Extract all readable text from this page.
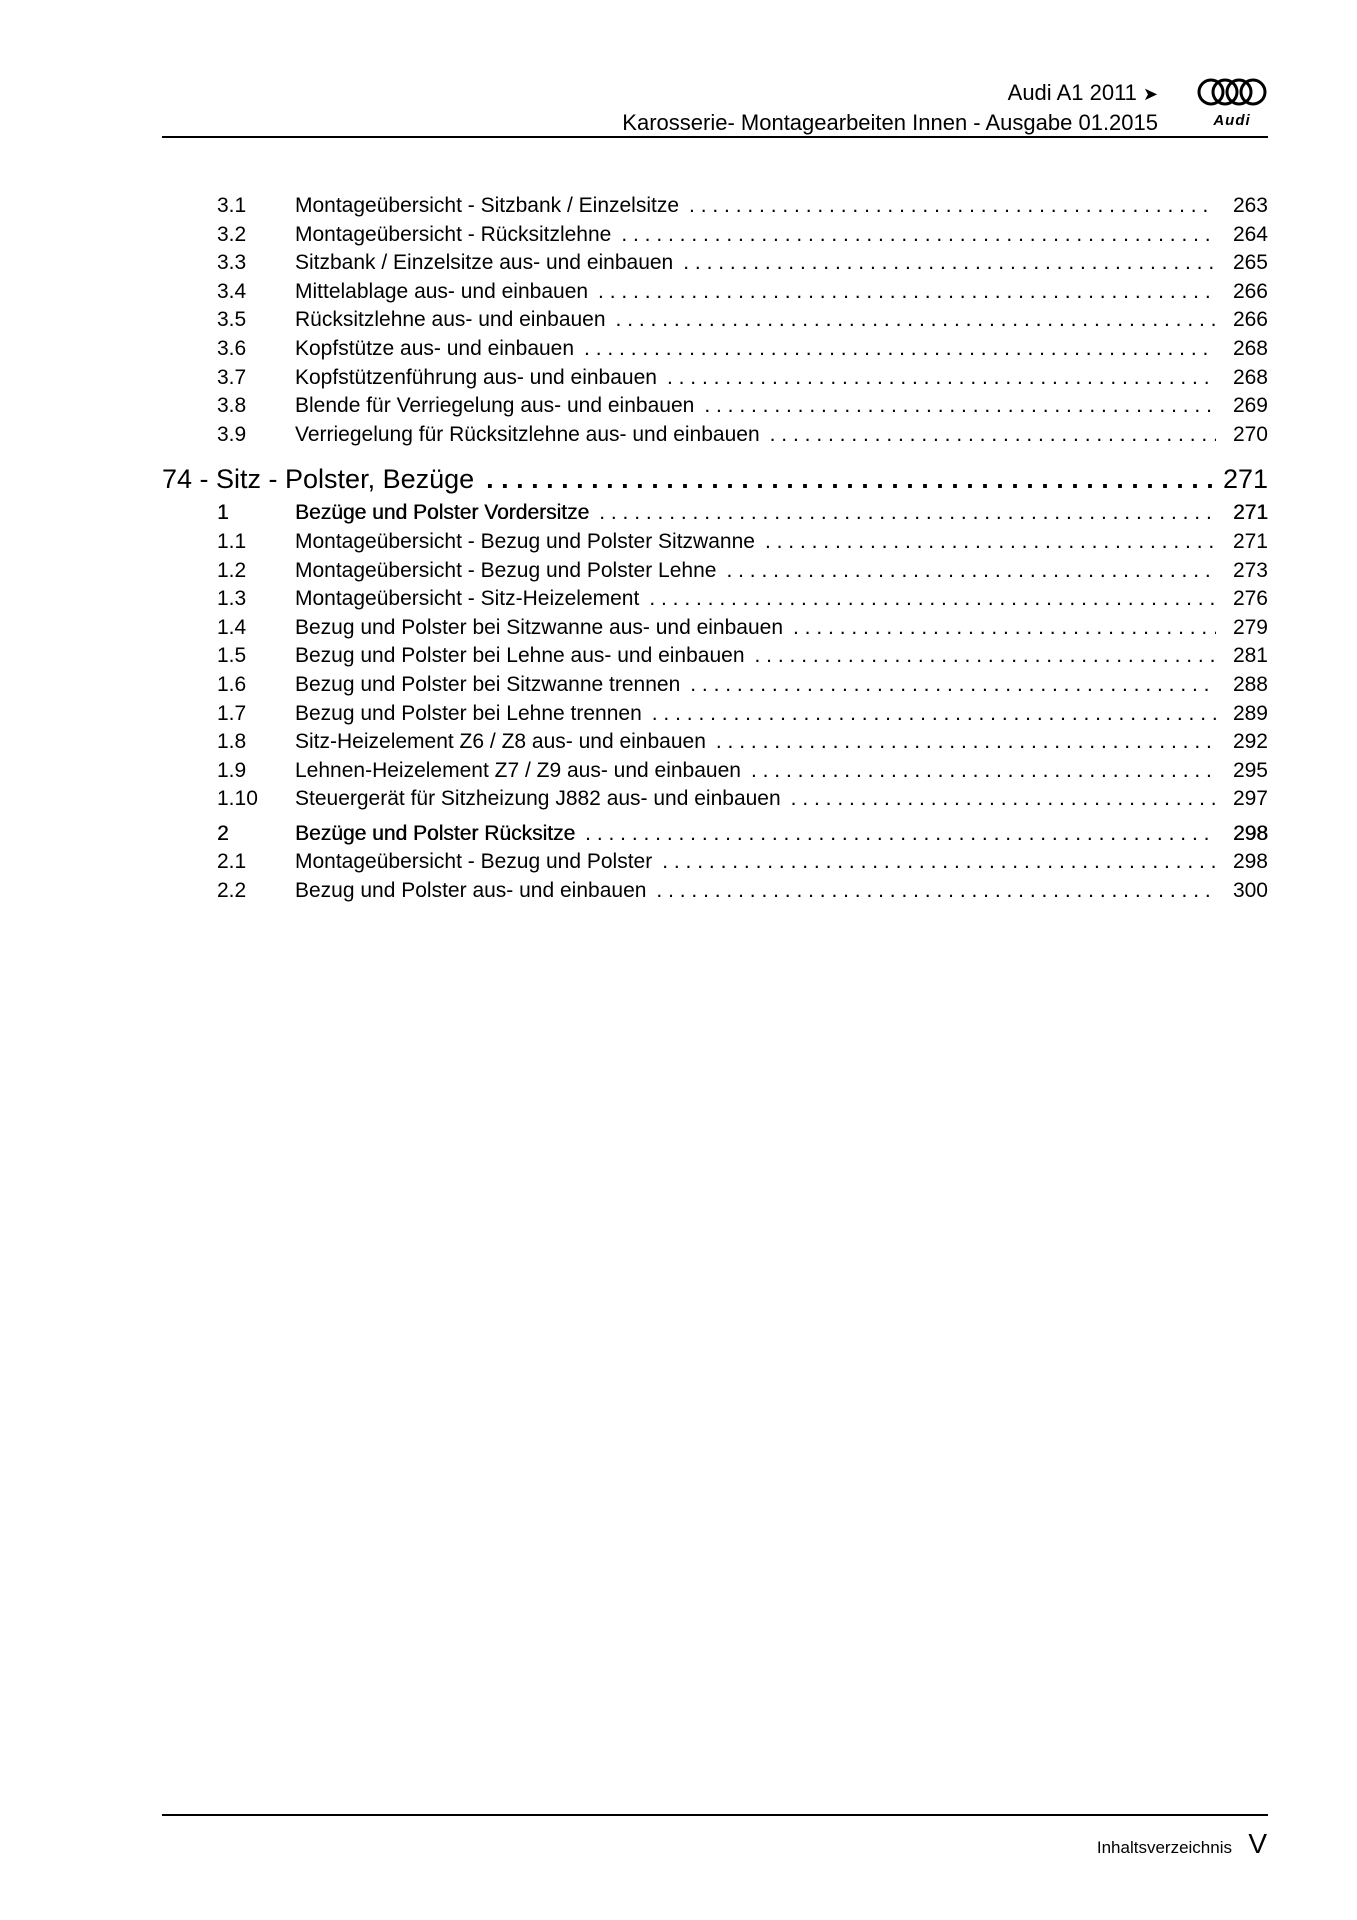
Audi A1 2011 ➤
Karosserie- Montagearbeiten Innen - Ausgabe 01.2015	Audi
3.1	Montageübersicht - Sitzbank / Einzelsitze . . .	263
3.2	Montageübersicht - Rücksitzlehne . . .	264
3.3	Sitzbank / Einzelsitze aus- und einbauen . . .	265
3.4	Mittelablage aus- und einbauen . . .	266
3.5	Rücksitzlehne aus- und einbauen . . .	266
3.6	Kopfstütze aus- und einbauen . . .	268
3.7	Kopfstützenführung aus- und einbauen . . .	268
3.8	Blende für Verriegelung aus- und einbauen . . .	269
3.9	Verriegelung für Rücksitzlehne aus- und einbauen . . .	270
74 - Sitz - Polster, Bezüge . . .	271
1	Bezüge und Polster Vordersitze . . .	271
1.1	Montageübersicht - Bezug und Polster Sitzwanne . . .	271
1.2	Montageübersicht - Bezug und Polster Lehne . . .	273
1.3	Montageübersicht - Sitz-Heizelement . . .	276
1.4	Bezug und Polster bei Sitzwanne aus- und einbauen . . .	279
1.5	Bezug und Polster bei Lehne aus- und einbauen . . .	281
1.6	Bezug und Polster bei Sitzwanne trennen . . .	288
1.7	Bezug und Polster bei Lehne trennen . . .	289
1.8	Sitz-Heizelement Z6 / Z8 aus- und einbauen . . .	292
1.9	Lehnen-Heizelement Z7 / Z9 aus- und einbauen . . .	295
1.10	Steuergerät für Sitzheizung J882 aus- und einbauen . . .	297
2	Bezüge und Polster Rücksitze . . .	298
2.1	Montageübersicht - Bezug und Polster . . .	298
2.2	Bezug und Polster aus- und einbauen . . .	300
Inhaltsverzeichnis V
